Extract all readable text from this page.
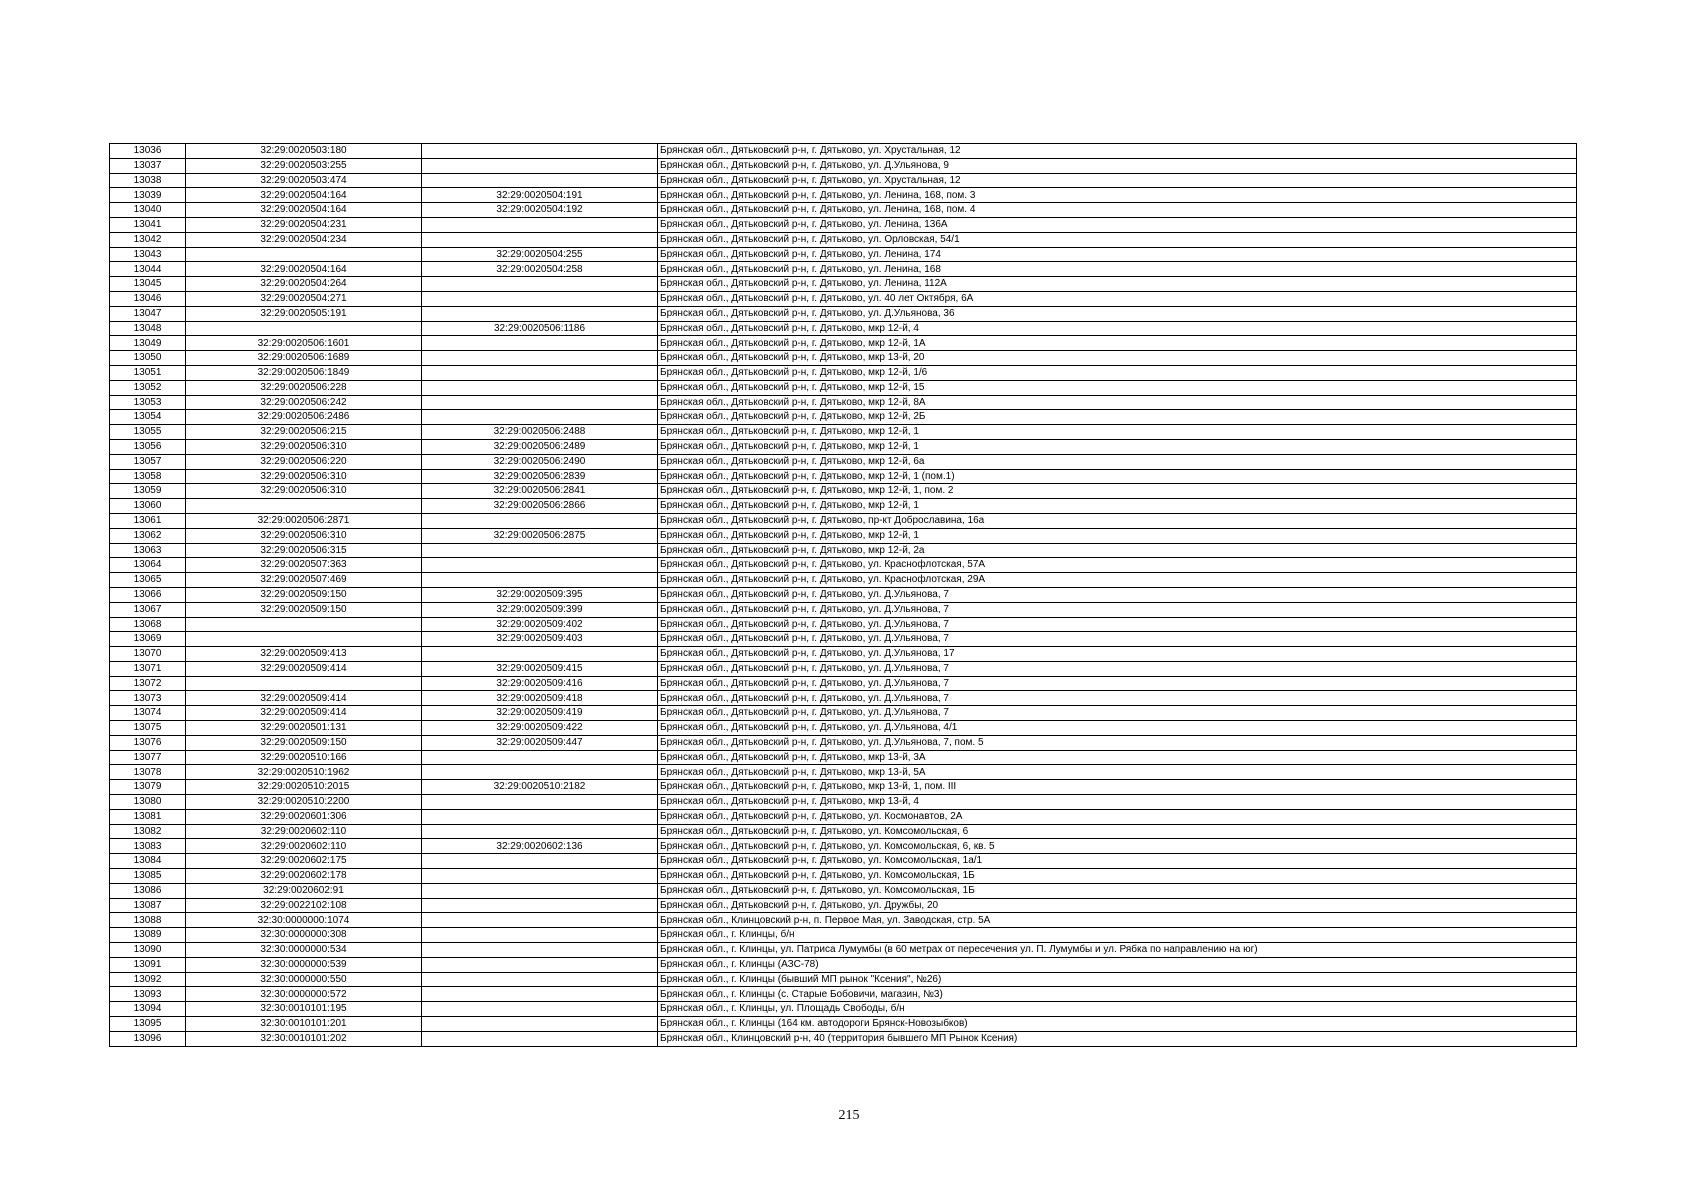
13036	32:29:0020503:180		Брянская обл., Дятьковский р-н, г. Дятьково, ул. Хрустальная, 12
13037	32:29:0020503:255		Брянская обл., Дятьковский р-н, г. Дятьково, ул. Д.Ульянова, 9
13038	32:29:0020503:474		Брянская обл., Дятьковский р-н, г. Дятьково, ул. Хрустальная, 12
13039	32:29:0020504:164	32:29:0020504:191	Брянская обл., Дятьковский р-н, г. Дятьково, ул. Ленина, 168, пом. 3
13040	32:29:0020504:164	32:29:0020504:192	Брянская обл., Дятьковский р-н, г. Дятьково, ул. Ленина, 168, пом. 4
13041	32:29:0020504:231		Брянская обл., Дятьковский р-н, г. Дятьково, ул. Ленина, 136А
13042	32:29:0020504:234		Брянская обл., Дятьковский р-н, г. Дятьково, ул. Орловская, 54/1
13043		32:29:0020504:255	Брянская обл., Дятьковский р-н, г. Дятьково, ул. Ленина, 174
13044	32:29:0020504:164	32:29:0020504:258	Брянская обл., Дятьковский р-н, г. Дятьково, ул. Ленина, 168
13045	32:29:0020504:264		Брянская обл., Дятьковский р-н, г. Дятьково, ул. Ленина, 112А
13046	32:29:0020504:271		Брянская обл., Дятьковский р-н, г. Дятьково, ул. 40 лет Октября, 6А
13047	32:29:0020505:191		Брянская обл., Дятьковский р-н, г. Дятьково, ул. Д.Ульянова, 36
13048		32:29:0020506:1186	Брянская обл., Дятьковский р-н, г. Дятьково, мкр 12-й, 4
13049	32:29:0020506:1601		Брянская обл., Дятьковский р-н, г. Дятьково, мкр 12-й, 1А
13050	32:29:0020506:1689		Брянская обл., Дятьковский р-н, г. Дятьково, мкр 13-й, 20
13051	32:29:0020506:1849		Брянская обл., Дятьковский р-н, г. Дятьково, мкр 12-й, 1/6
13052	32:29:0020506:228		Брянская обл., Дятьковский р-н, г. Дятьково, мкр 12-й, 15
13053	32:29:0020506:242		Брянская обл., Дятьковский р-н, г. Дятьково, мкр 12-й, 8А
13054	32:29:0020506:2486		Брянская обл., Дятьковский р-н, г. Дятьково, мкр 12-й, 2Б
13055	32:29:0020506:215	32:29:0020506:2488	Брянская обл., Дятьковский р-н, г. Дятьково, мкр 12-й, 1
13056	32:29:0020506:310	32:29:0020506:2489	Брянская обл., Дятьковский р-н, г. Дятьково, мкр 12-й, 1
13057	32:29:0020506:220	32:29:0020506:2490	Брянская обл., Дятьковский р-н, г. Дятьково, мкр 12-й, 6а
13058	32:29:0020506:310	32:29:0020506:2839	Брянская обл., Дятьковский р-н, г. Дятьково, мкр 12-й, 1 (пом.1)
13059	32:29:0020506:310	32:29:0020506:2841	Брянская обл., Дятьковский р-н, г. Дятьково, мкр 12-й, 1, пом. 2
13060		32:29:0020506:2866	Брянская обл., Дятьковский р-н, г. Дятьково, мкр 12-й, 1
13061	32:29:0020506:2871		Брянская обл., Дятьковский р-н, г. Дятьково, пр-кт Доброславина, 16а
13062	32:29:0020506:310	32:29:0020506:2875	Брянская обл., Дятьковский р-н, г. Дятьково, мкр 12-й, 1
13063	32:29:0020506:315		Брянская обл., Дятьковский р-н, г. Дятьково, мкр 12-й, 2а
13064	32:29:0020507:363		Брянская обл., Дятьковский р-н, г. Дятьково, ул. Краснофлотская, 57А
13065	32:29:0020507:469		Брянская обл., Дятьковский р-н, г. Дятьково, ул. Краснофлотская, 29А
13066	32:29:0020509:150	32:29:0020509:395	Брянская обл., Дятьковский р-н, г. Дятьково, ул. Д.Ульянова, 7
13067	32:29:0020509:150	32:29:0020509:399	Брянская обл., Дятьковский р-н, г. Дятьково, ул. Д.Ульянова, 7
13068		32:29:0020509:402	Брянская обл., Дятьковский р-н, г. Дятьково, ул. Д.Ульянова, 7
13069		32:29:0020509:403	Брянская обл., Дятьковский р-н, г. Дятьково, ул. Д.Ульянова, 7
13070	32:29:0020509:413		Брянская обл., Дятьковский р-н, г. Дятьково, ул. Д.Ульянова, 17
13071	32:29:0020509:414	32:29:0020509:415	Брянская обл., Дятьковский р-н, г. Дятьково, ул. Д.Ульянова, 7
13072		32:29:0020509:416	Брянская обл., Дятьковский р-н, г. Дятьково, ул. Д.Ульянова, 7
13073	32:29:0020509:414	32:29:0020509:418	Брянская обл., Дятьковский р-н, г. Дятьково, ул. Д.Ульянова, 7
13074	32:29:0020509:414	32:29:0020509:419	Брянская обл., Дятьковский р-н, г. Дятьково, ул. Д.Ульянова, 7
13075	32:29:0020501:131	32:29:0020509:422	Брянская обл., Дятьковский р-н, г. Дятьково, ул. Д.Ульянова, 4/1
13076	32:29:0020509:150	32:29:0020509:447	Брянская обл., Дятьковский р-н, г. Дятьково, ул. Д.Ульянова, 7, пом. 5
13077	32:29:0020510:166		Брянская обл., Дятьковский р-н, г. Дятьково, мкр 13-й, 3А
13078	32:29:0020510:1962		Брянская обл., Дятьковский р-н, г. Дятьково, мкр 13-й, 5А
13079	32:29:0020510:2015	32:29:0020510:2182	Брянская обл., Дятьковский р-н, г. Дятьково, мкр 13-й, 1, пом. III
13080	32:29:0020510:2200		Брянская обл., Дятьковский р-н, г. Дятьково, мкр 13-й, 4
13081	32:29:0020601:306		Брянская обл., Дятьковский р-н, г. Дятьково, ул. Космонавтов, 2А
13082	32:29:0020602:110		Брянская обл., Дятьковский р-н, г. Дятьково, ул. Комсомольская, 6
13083	32:29:0020602:110	32:29:0020602:136	Брянская обл., Дятьковский р-н, г. Дятьково, ул. Комсомольская, 6, кв. 5
13084	32:29:0020602:175		Брянская обл., Дятьковский р-н, г. Дятьково, ул. Комсомольская, 1а/1
13085	32:29:0020602:178		Брянская обл., Дятьковский р-н, г. Дятьково, ул. Комсомольская, 1Б
13086	32:29:0020602:91		Брянская обл., Дятьковский р-н, г. Дятьково, ул. Комсомольская, 1Б
13087	32:29:0022102:108		Брянская обл., Дятьковский р-н, г. Дятьково, ул. Дружбы, 20
13088	32:30:0000000:1074		Брянская обл., Клинцовский р-н, п. Первое Мая, ул. Заводская, стр. 5А
13089	32:30:0000000:308		Брянская обл., г. Клинцы, б/н
13090	32:30:0000000:534		Брянская обл., г. Клинцы, ул. Патриса Лумумбы (в 60 метрах от пересечения ул. П. Лумумбы и ул. Рябка по направлению на юг)
13091	32:30:0000000:539		Брянская обл., г. Клинцы (АЗС-78)
13092	32:30:0000000:550		Брянская обл., г. Клинцы (бывший МП рынок "Ксения", №26)
13093	32:30:0000000:572		Брянская обл., г. Клинцы (с. Старые Бобовичи, магазин, №3)
13094	32:30:0010101:195		Брянская обл., г. Клинцы, ул. Площадь Свободы, б/н
13095	32:30:0010101:201		Брянская обл., г. Клинцы (164 км. автодороги Брянск-Новозыбков)
13096	32:30:0010101:202		Брянская обл., Клинцовский р-н, 40 (территория бывшего МП Рынок Ксения)
215
